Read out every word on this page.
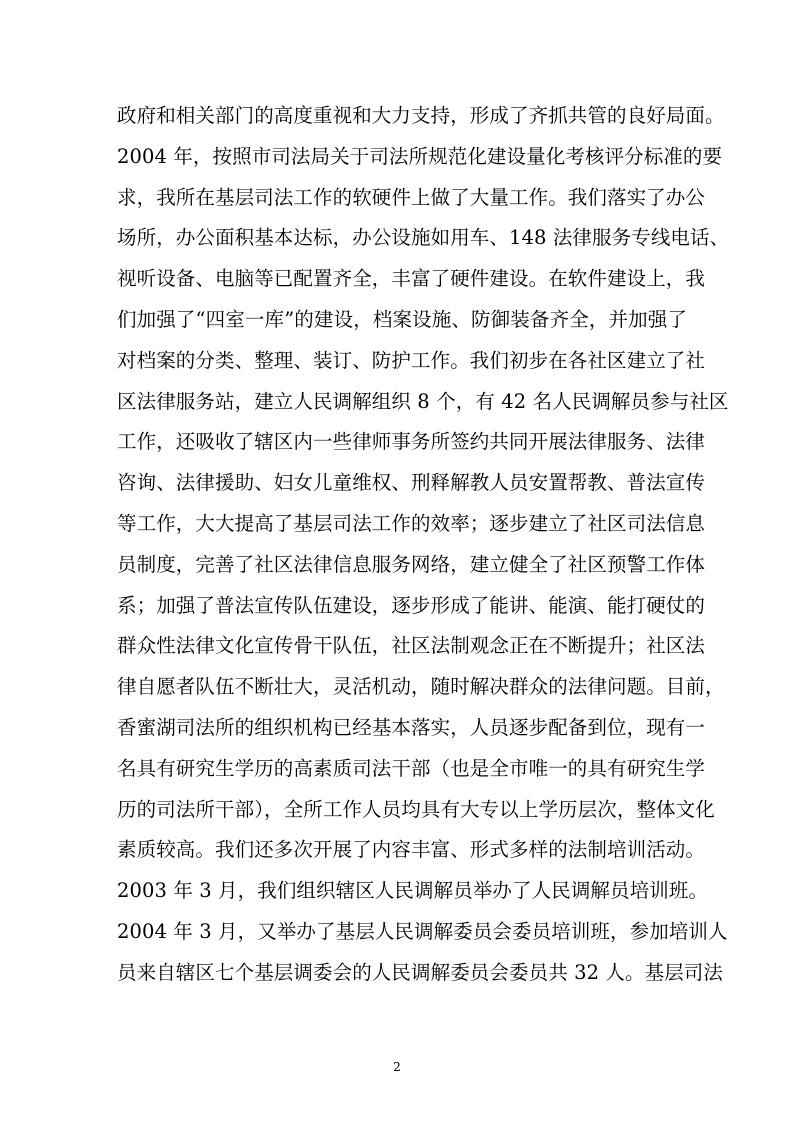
政府和相关部门的高度重视和大力支持，形成了齐抓共管的良好局面。
2004 年，按照市司法局关于司法所规范化建设量化考核评分标准的要
求，我所在基层司法工作的软硬件上做了大量工作。我们落实了办公
场所，办公面积基本达标，办公设施如用车、148 法律服务专线电话、
视听设备、电脑等已配置齐全，丰富了硬件建设。在软件建设上，我
们加强了“四室一库”的建设，档案设施、防御装备齐全，并加强了
对档案的分类、整理、装订、防护工作。我们初步在各社区建立了社
区法律服务站，建立人民调解组织 8 个，有 42 名人民调解员参与社区
工作，还吸收了辖区内一些律师事务所签约共同开展法律服务、法律
咨询、法律援助、妇女儿童维权、刑释解教人员安置帮教、普法宣传
等工作，大大提高了基层司法工作的效率；逐步建立了社区司法信息
员制度，完善了社区法律信息服务网络，建立健全了社区预警工作体
系；加强了普法宣传队伍建设，逐步形成了能讲、能演、能打硬仗的
群众性法律文化宣传骨干队伍，社区法制观念正在不断提升；社区法
律自愿者队伍不断壮大，灵活机动，随时解决群众的法律问题。目前，
香蜜湖司法所的组织机构已经基本落实，人员逐步配备到位，现有一
名具有研究生学历的高素质司法干部（也是全市唯一的具有研究生学
历的司法所干部），全所工作人员均具有大专以上学历层次，整体文化
素质较高。我们还多次开展了内容丰富、形式多样的法制培训活动。
2003 年 3 月，我们组织辖区人民调解员举办了人民调解员培训班。
2004 年 3 月，又举办了基层人民调解委员会委员培训班，参加培训人
员来自辖区七个基层调委会的人民调解委员会委员共 32 人。基层司法
2
